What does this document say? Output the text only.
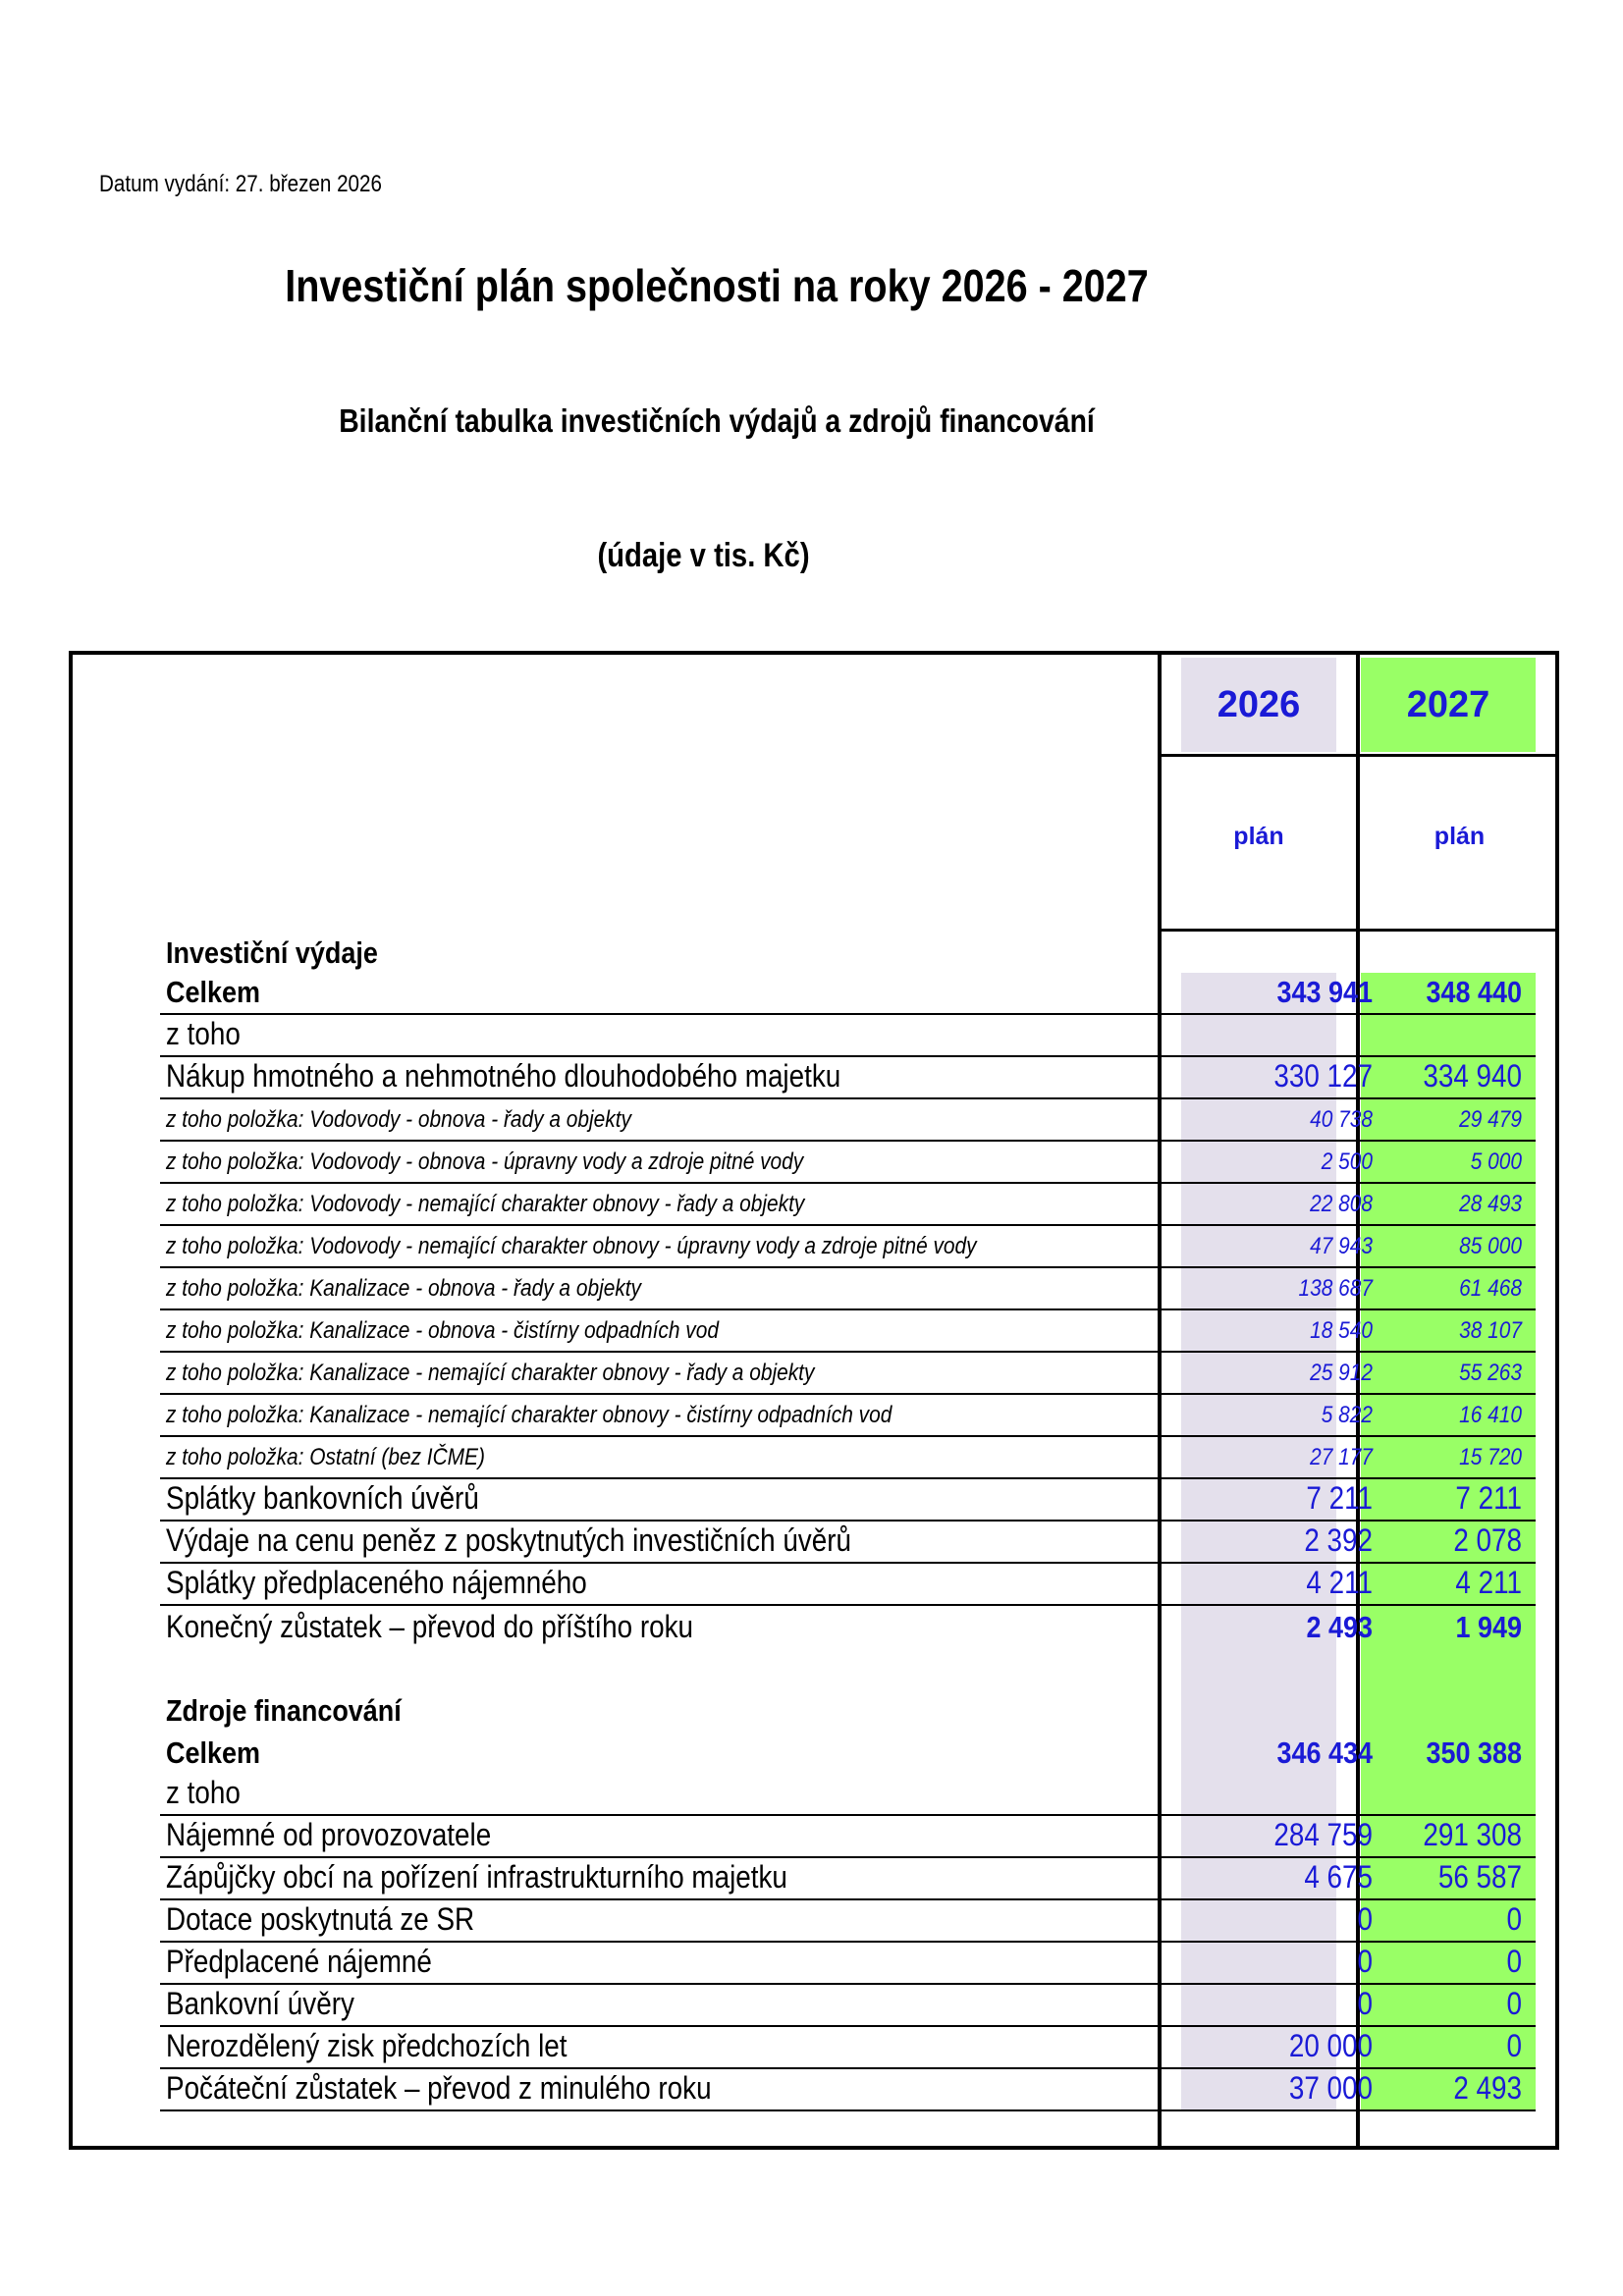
Datum vydání: 27. březen 2026
Investiční plán společnosti na roky 2026 - 2027
Bilanční tabulka investičních výdajů a zdrojů financování
(údaje v tis. Kč)
2026	2027
plán	plán
Investiční výdaje
Celkem	343 941	348 440
z toho
Nákup hmotného a nehmotného dlouhodobého majetku	330 127	334 940
z toho položka: Vodovody - obnova - řady a objekty	40 738	29 479
z toho položka: Vodovody - obnova - úpravny vody a zdroje pitné vody	2 500	5 000
z toho položka: Vodovody - nemající charakter obnovy - řady a objekty	22 808	28 493
z toho položka: Vodovody - nemající charakter obnovy - úpravny vody a zdroje pitné vody	47 943	85 000
z toho položka: Kanalizace - obnova - řady a objekty	138 687	61 468
z toho položka: Kanalizace - obnova - čistírny odpadních vod	18 540	38 107
z toho položka: Kanalizace - nemající charakter obnovy - řady a objekty	25 912	55 263
z toho položka: Kanalizace - nemající charakter obnovy - čistírny odpadních vod	5 822	16 410
z toho položka: Ostatní (bez IČME)	27 177	15 720
Splátky bankovních úvěrů	7 211	7 211
Výdaje na cenu peněz z poskytnutých investičních úvěrů	2 392	2 078
Splátky předplaceného nájemného	4 211	4 211
Konečný zůstatek – převod do příštího roku	2 493	1 949
Zdroje financování
Celkem	346 434	350 388
z toho
Nájemné od provozovatele	284 759	291 308
Zápůjčky obcí na pořízení infrastrukturního majetku	4 675	56 587
Dotace poskytnutá ze SR	0	0
Předplacené nájemné	0	0
Bankovní úvěry	0	0
Nerozdělený zisk předchozích let	20 000	0
Počáteční zůstatek – převod z minulého roku	37 000	2 493
